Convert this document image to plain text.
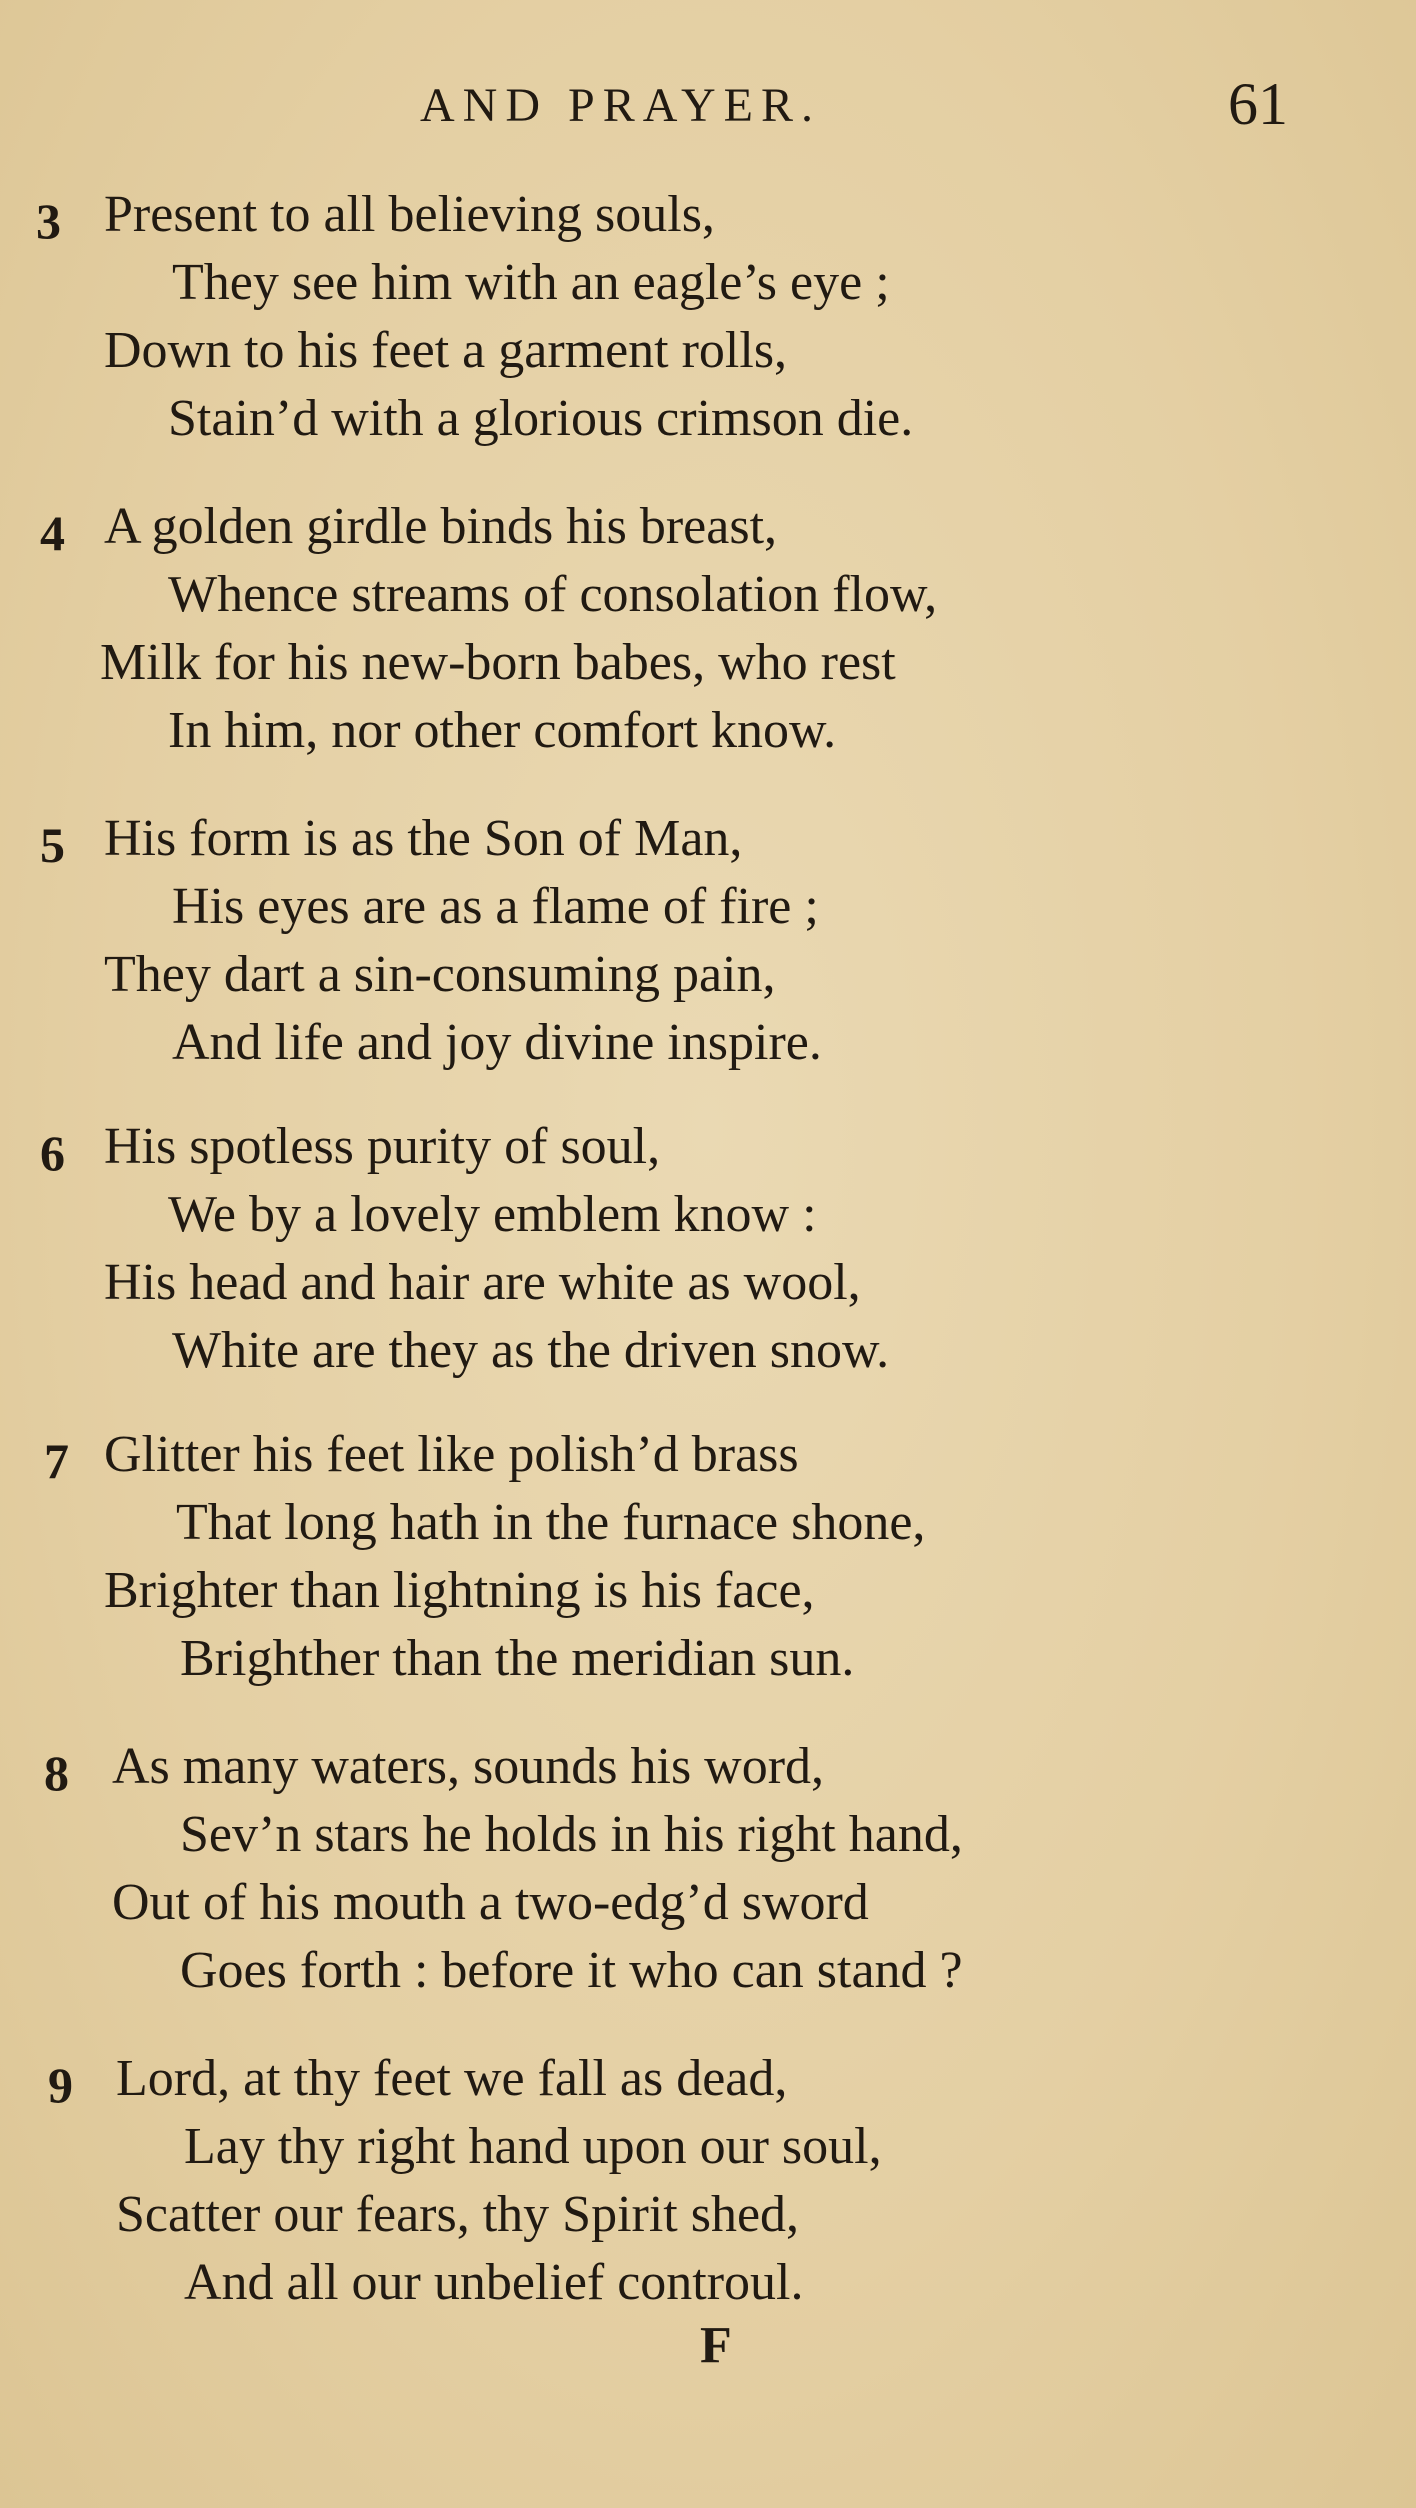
AND PRAYER.	61
3 Present to all believing souls,
They see him with an eagle’s eye ;
Down to his feet a garment rolls,
Stain’d with a glorious crimson die.
4 A golden girdle binds his breast,
Whence streams of consolation flow,
Milk for his new-born babes, who rest
In him, nor other comfort know.
5 His form is as the Son of Man,
His eyes are as a flame of fire ;
They dart a sin-consuming pain,
And life and joy divine inspire.
6 His spotless purity of soul,
We by a lovely emblem know :
His head and hair are white as wool,
White are they as the driven snow.
7 Glitter his feet like polish’d brass
That long hath in the furnace shone,
Brighter than lightning is his face,
Brighther than the meridian sun.
8 As many waters, sounds his word,
Sev’n stars he holds in his right hand,
Out of his mouth a two-edg’d sword
Goes forth : before it who can stand ?
9 Lord, at thy feet we fall as dead,
Lay thy right hand upon our soul,
Scatter our fears, thy Spirit shed,
And all our unbelief controul.
F
